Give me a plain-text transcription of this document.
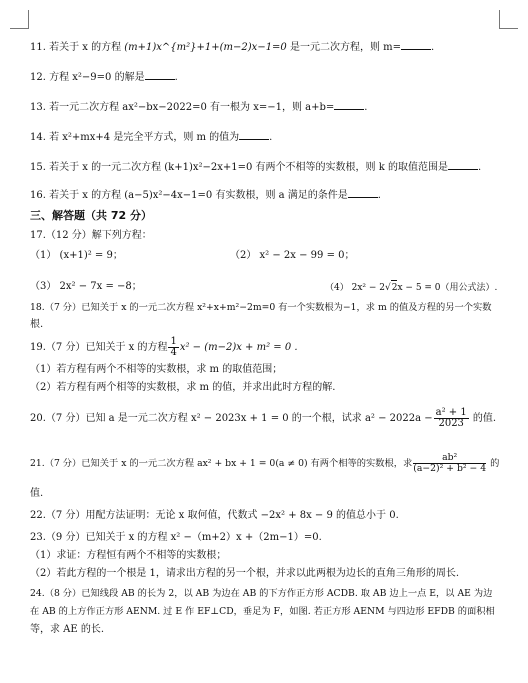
11. 若关于 x 的方程 (m+1)x^{m²}+1+(m−2)x−1=0 是一元二次方程，则 m=	.
12. 方程 x²−9=0 的解是	.
13. 若一元二次方程 ax²−bx−2022=0 有一根为 x=−1，则 a+b=	.
14. 若 x²+mx+4 是完全平方式，则 m 的值为	.
15. 若关于 x 的一元二次方程 (k+1)x²−2x+1=0 有两个不相等的实数根，则 k 的取值范围是	.
16. 若关于 x 的方程 (a−5)x²−4x−1=0 有实数根，则 a 满足的条件是	.
三、解答题（共 72 分）
17.（12 分）解下列方程：
（1） (x+1)² = 9；	（2） x² − 2x − 99 = 0；
（3） 2x² − 7x = −8；	（4） 2x² − 2√2x − 5 = 0（用公式法）.
18.（7 分）已知关于 x 的一元二次方程 x²+x+m²−2m=0 有一个实数根为−1，求 m 的值及方程的另一个实数
根.
19.（7 分）已知关于 x 的方程 $\frac{1}{4} x^2 - (m-2)x + m^2 = 0$ .
（1）若方程有两个不相等的实数根，求 m 的取值范围；
（2）若方程有两个相等的实数根，求 m 的值，并求出此时方程的解.
20.（7 分）已知 a 是一元二次方程 x² − 2023x + 1 = 0 的一个根，试求 $a^2 - 2022a - \frac{\text{a² + 1}}{2023}$ 的值.
21.（7 分）已知关于 x 的一元二次方程 ax² + bx + 1 = 0(a ≠ 0) 有两个相等的实数根，求 $\frac{\text{ab²}}{\text{(a−2)² + b² − 4}}$ 的
值.
22.（7 分）用配方法证明：无论 x 取何值，代数式 −2x² + 8x − 9 的值总小于 0.
23.（9 分）已知关于 x 的方程 x² −（m+2）x +（2m−1）=0.
（1）求证：方程恒有两个不相等的实数根；
（2）若此方程的一个根是 1，请求出方程的另一个根，并求以此两根为边长的直角三角形的周长.
24.（8 分）已知线段 AB 的长为 2，以 AB 为边在 AB 的下方作正方形 ACDB. 取 AB 边上一点 E，以 AE 为边
在 AB 的上方作正方形 AENM. 过 E 作 EF⊥CD，垂足为 F，如图. 若正方形 AENM 与四边形 EFDB 的面积相
等，求 AE 的长.
